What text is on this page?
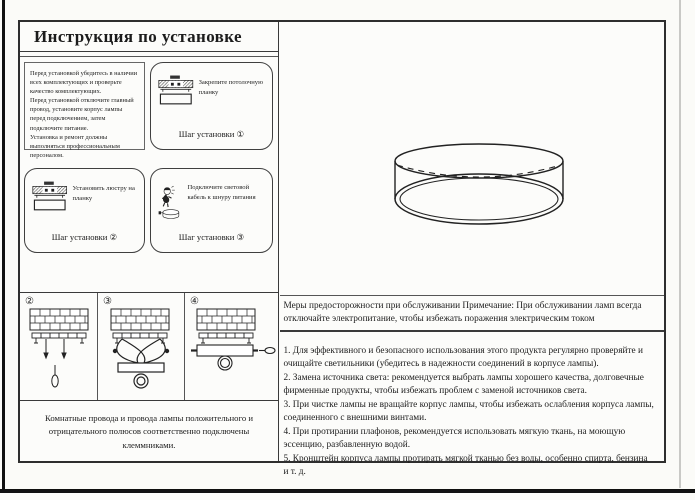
Инструкция по установке

Перед установкой убедитесь в наличии всех комплектующих и проверьте качество комплектующих.

Перед установкой отключите главный провод, установите корпус лампы перед подключением, затем подключите питание.

Установка и ремонт должны выполняться профессиональным персоналом.

Закрепите потолочную планку
Шаг установки ①
Установить люстру на планку
Шаг установки ②
Подключите световой кабель к шнуру питания
Шаг установки ③
②	③	④
Комнатные провода и провода лампы положительного и отрицательного полюсов соответственно подключены клеммниками.
Меры предосторожности при обслуживании Примечание: При обслуживании ламп всегда отключайте электропитание, чтобы избежать поражения электрическим током

1. Для эффективного и безопасного использования этого продукта регулярно проверяйте и очищайте светильники (убедитесь в надежности соединений в корпусе лампы).

2. Замена источника света: рекомендуется выбрать лампы хорошего качества, долговечные фирменные продукты, чтобы избежать проблем с заменой источников света.

3. При чистке лампы не вращайте корпус лампы, чтобы избежать ослабления корпуса лампы, соединенного с внешними винтами.

4. При протирании плафонов, рекомендуется использовать мягкую ткань, на моющую эссенцию, разбавленную водой.

5. Кронштейн корпуса лампы протирать мягкой тканью без воды, особенно спирта, бензина и т. д.
